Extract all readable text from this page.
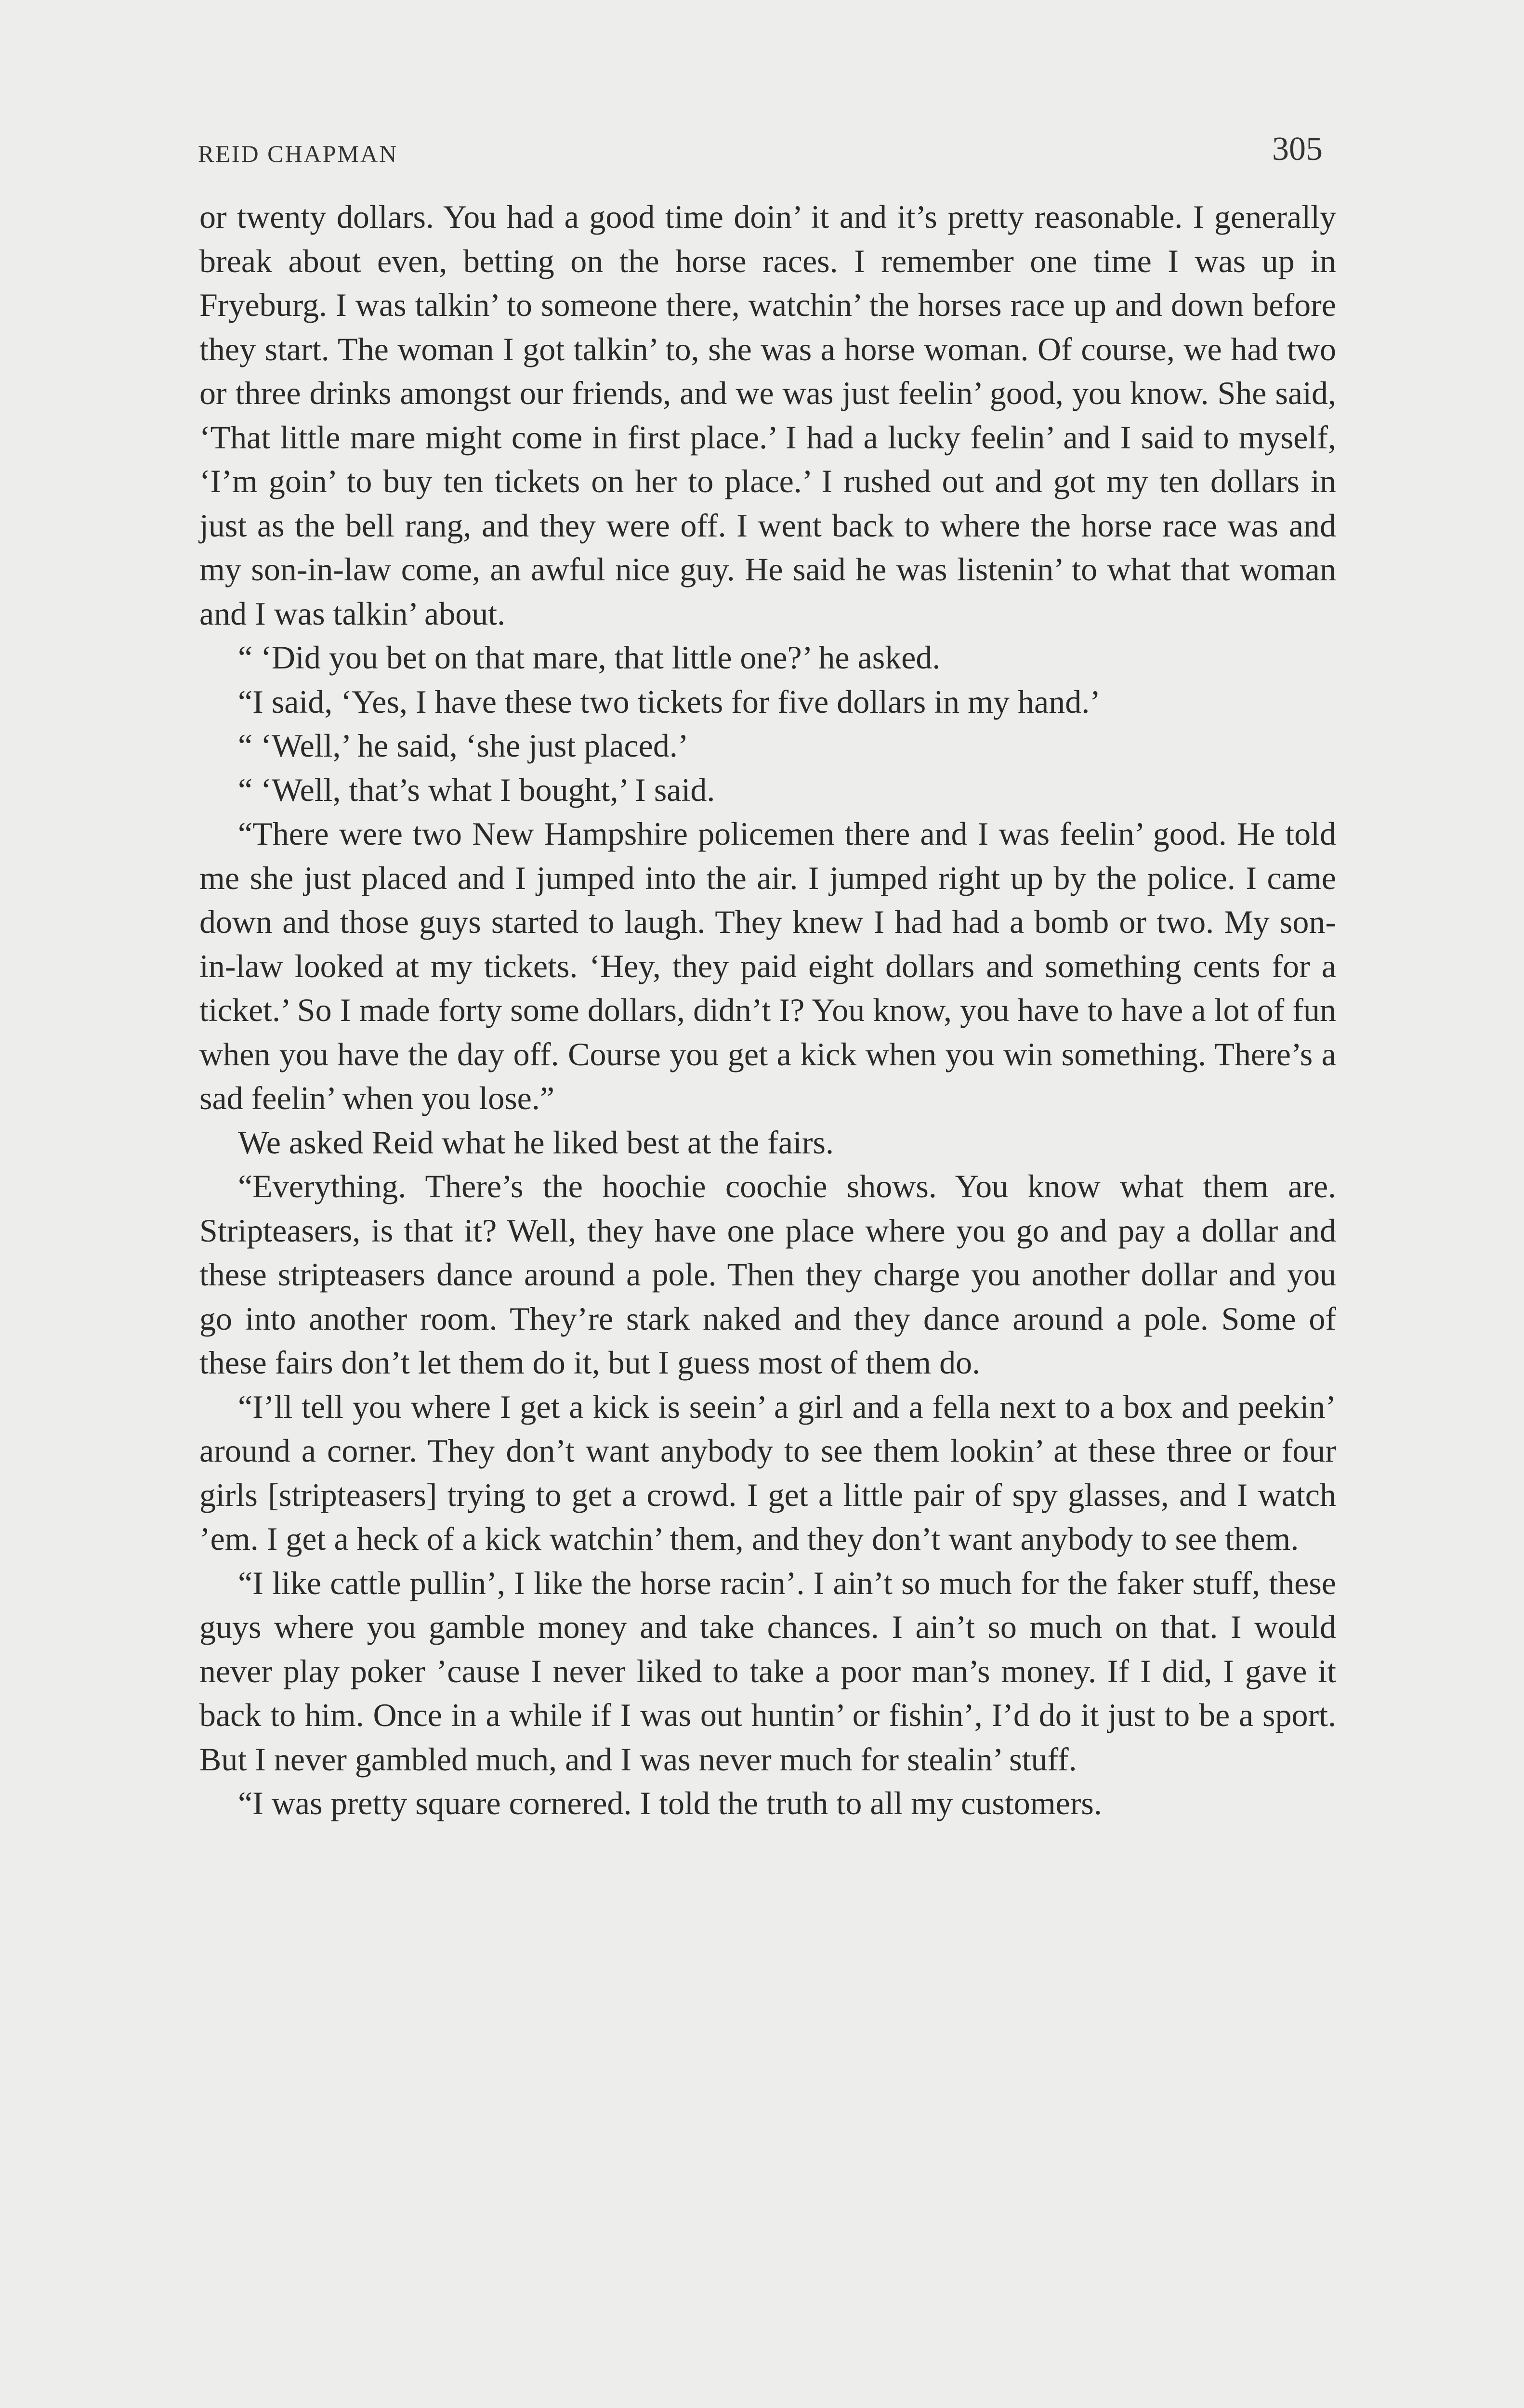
REID CHAPMAN	305

or twenty dollars. You had a good time doin’ it and it’s pretty reasonable. I generally break about even, betting on the horse races. I remember one time I was up in Fryeburg. I was talkin’ to someone there, watchin’ the horses race up and down before they start. The woman I got talkin’ to, she was a horse woman. Of course, we had two or three drinks amongst our friends, and we was just feelin’ good, you know. She said, ‘That little mare might come in first place.’ I had a lucky feelin’ and I said to myself, ‘I’m goin’ to buy ten tickets on her to place.’ I rushed out and got my ten dollars in just as the bell rang, and they were off. I went back to where the horse race was and my son-in-law come, an awful nice guy. He said he was listenin’ to what that woman and I was talkin’ about.

“ ‘Did you bet on that mare, that little one?’ he asked.

“I said, ‘Yes, I have these two tickets for five dollars in my hand.’

“ ‘Well,’ he said, ‘she just placed.’

“ ‘Well, that’s what I bought,’ I said.

“There were two New Hampshire policemen there and I was feelin’ good. He told me she just placed and I jumped into the air. I jumped right up by the police. I came down and those guys started to laugh. They knew I had had a bomb or two. My son-in-law looked at my tickets. ‘Hey, they paid eight dollars and something cents for a ticket.’ So I made forty some dollars, didn’t I? You know, you have to have a lot of fun when you have the day off. Course you get a kick when you win something. There’s a sad feelin’ when you lose.”

We asked Reid what he liked best at the fairs.

“Everything. There’s the hoochie coochie shows. You know what them are. Stripteasers, is that it? Well, they have one place where you go and pay a dollar and these stripteasers dance around a pole. Then they charge you another dollar and you go into another room. They’re stark naked and they dance around a pole. Some of these fairs don’t let them do it, but I guess most of them do.

“I’ll tell you where I get a kick is seein’ a girl and a fella next to a box and peekin’ around a corner. They don’t want anybody to see them lookin’ at these three or four girls [stripteasers] trying to get a crowd. I get a little pair of spy glasses, and I watch ’em. I get a heck of a kick watchin’ them, and they don’t want anybody to see them.

“I like cattle pullin’, I like the horse racin’. I ain’t so much for the faker stuff, these guys where you gamble money and take chances. I ain’t so much on that. I would never play poker ’cause I never liked to take a poor man’s money. If I did, I gave it back to him. Once in a while if I was out huntin’ or fishin’, I’d do it just to be a sport. But I never gambled much, and I was never much for stealin’ stuff.

“I was pretty square cornered. I told the truth to all my customers.
